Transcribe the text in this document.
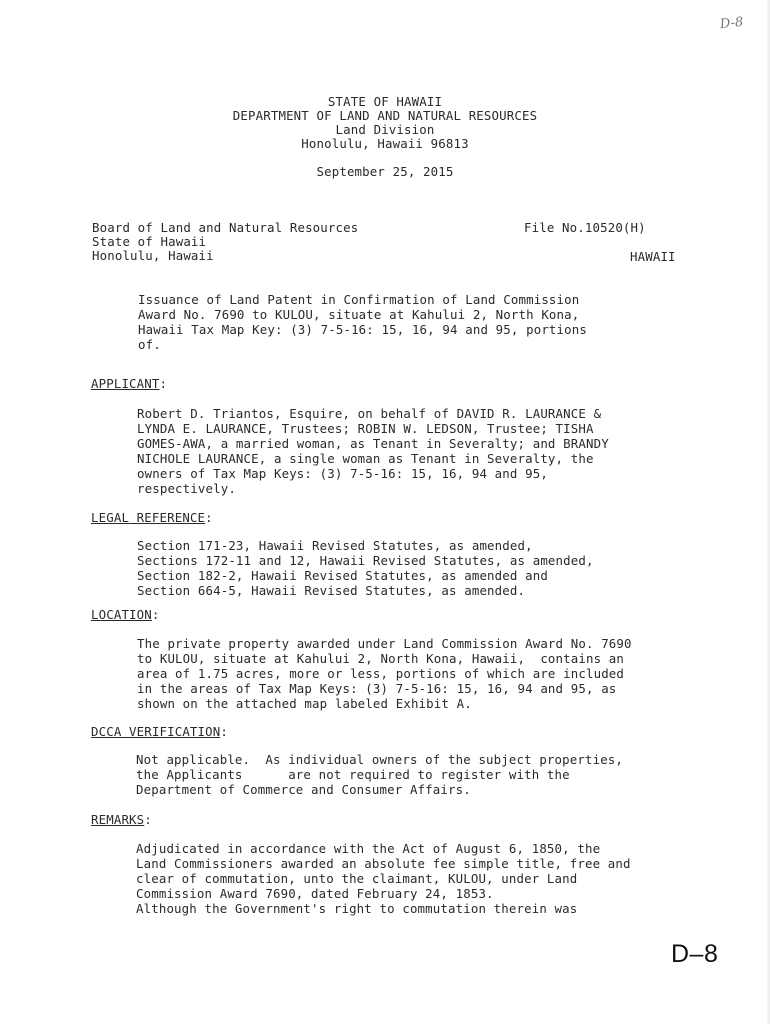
D-8
STATE OF HAWAII
DEPARTMENT OF LAND AND NATURAL RESOURCES
Land Division
Honolulu, Hawaii 96813
September 25, 2015
Board of Land and Natural Resources
State of Hawaii
Honolulu, Hawaii
File No.10520(H)
HAWAII
Issuance of Land Patent in Confirmation of Land Commission
Award No. 7690 to KULOU, situate at Kahului 2, North Kona,
Hawaii Tax Map Key: (3) 7-5-16: 15, 16, 94 and 95, portions
of.
APPLICANT:
Robert D. Triantos, Esquire, on behalf of DAVID R. LAURANCE &
LYNDA E. LAURANCE, Trustees; ROBIN W. LEDSON, Trustee; TISHA
GOMES-AWA, a married woman, as Tenant in Severalty; and BRANDY
NICHOLE LAURANCE, a single woman as Tenant in Severalty, the
owners of Tax Map Keys: (3) 7-5-16: 15, 16, 94 and 95,
respectively.
LEGAL REFERENCE:
Section 171-23, Hawaii Revised Statutes, as amended,
Sections 172-11 and 12, Hawaii Revised Statutes, as amended,
Section 182-2, Hawaii Revised Statutes, as amended and
Section 664-5, Hawaii Revised Statutes, as amended.
LOCATION:
The private property awarded under Land Commission Award No. 7690
to KULOU, situate at Kahului 2, North Kona, Hawaii,  contains an
area of 1.75 acres, more or less, portions of which are included
in the areas of Tax Map Keys: (3) 7-5-16: 15, 16, 94 and 95, as
shown on the attached map labeled Exhibit A.
DCCA VERIFICATION:
Not applicable.  As individual owners of the subject properties,
the Applicants      are not required to register with the
Department of Commerce and Consumer Affairs.
REMARKS:
Adjudicated in accordance with the Act of August 6, 1850, the
Land Commissioners awarded an absolute fee simple title, free and
clear of commutation, unto the claimant, KULOU, under Land
Commission Award 7690, dated February 24, 1853.
Although the Government's right to commutation therein was
D–8
